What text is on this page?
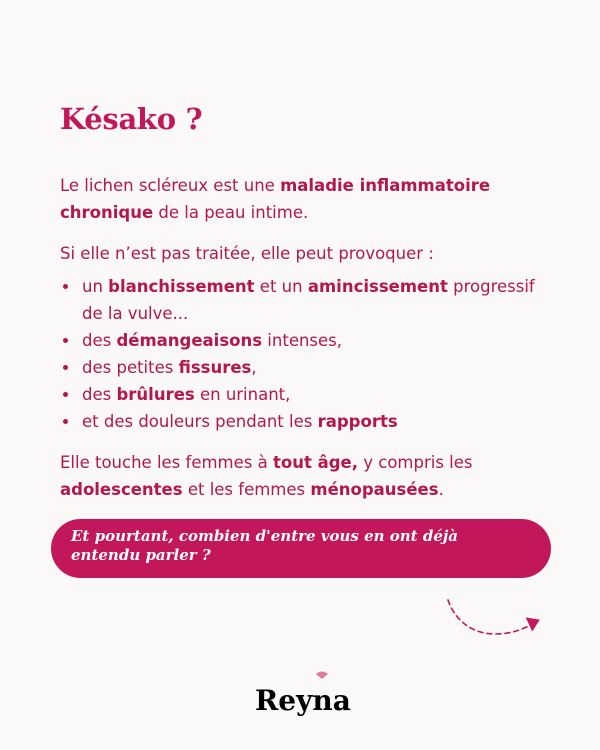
Késako ?

Le lichen scléreux est une maladie inflammatoire chronique de la peau intime.

Si elle n’est pas traitée, elle peut provoquer :

• un blanchissement et un amincissement progressif de la vulve...
• des démangeaisons intenses,
• des petites fissures,
• des brûlures en urinant,
• et des douleurs pendant les rapports

Elle touche les femmes à tout âge, y compris les adolescentes et les femmes ménopausées.

Et pourtant, combien d'entre vous en ont déjà entendu parler ?
Reyna
